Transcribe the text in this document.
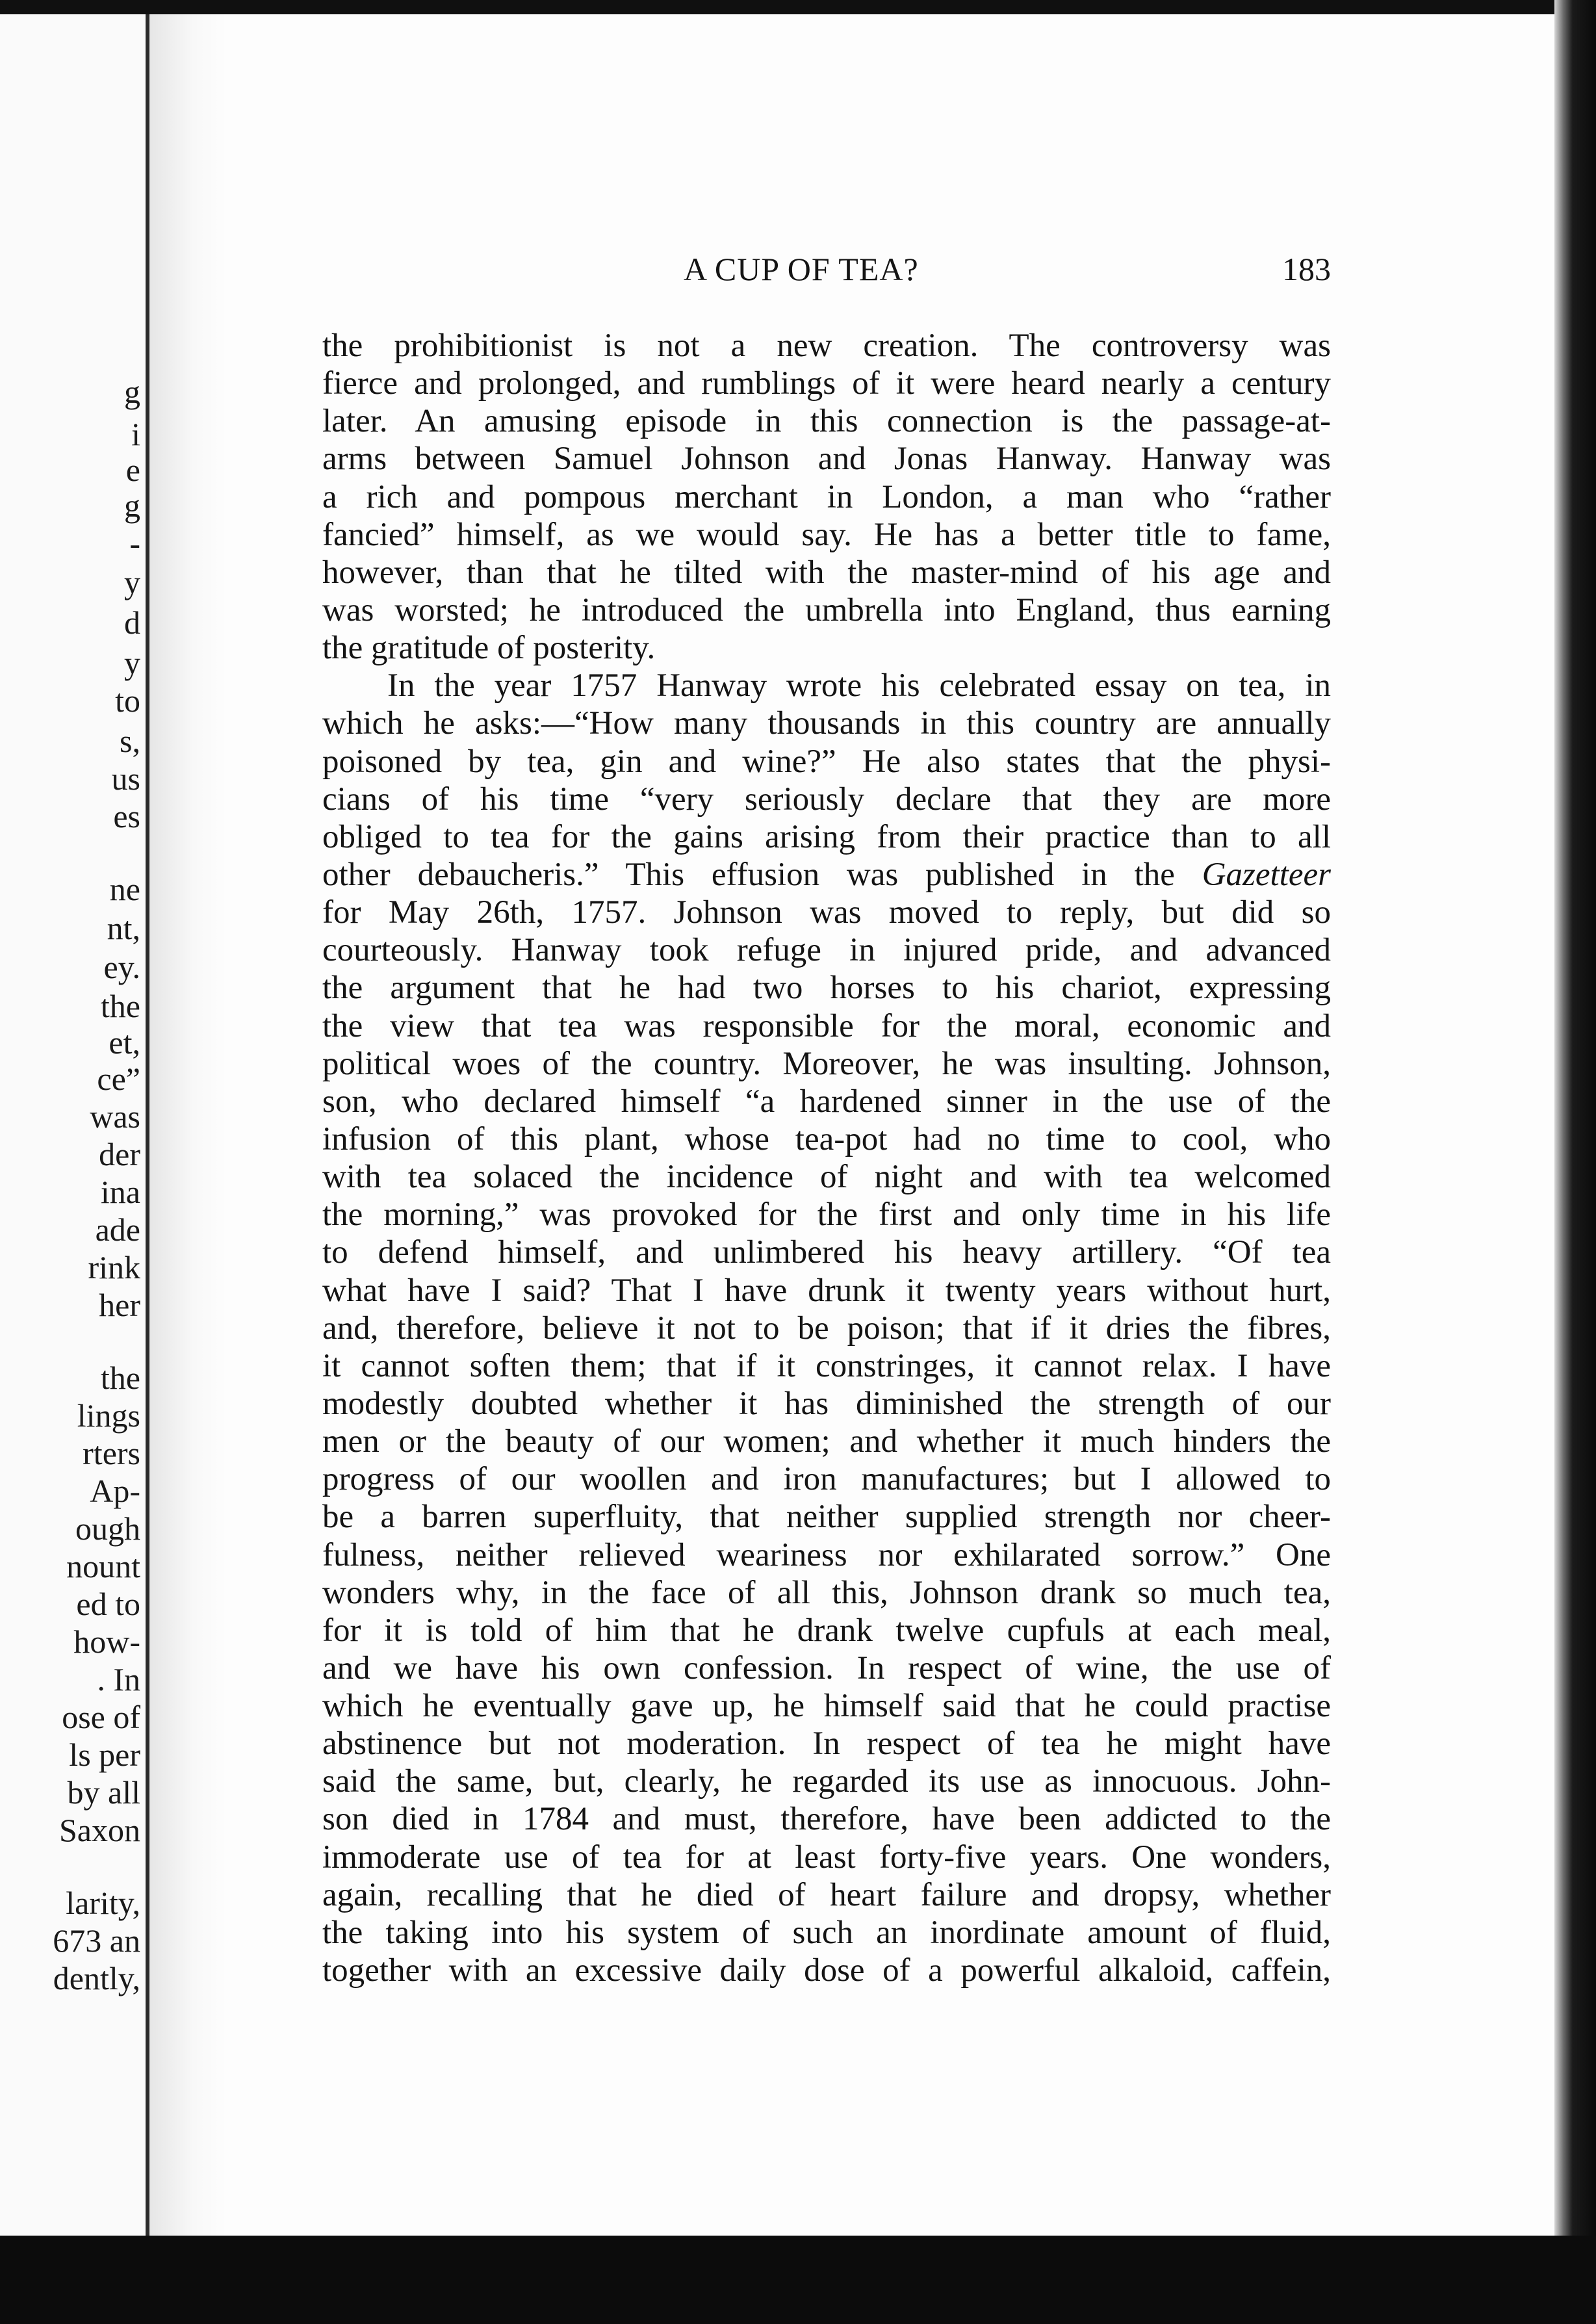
g
i
e
g
-
y
d
y
to
s,
us
es
ne
nt,
ey.
the
et,
ce”
was
der
ina
ade
rink
her
the
lings
rters
Ap-
ough
nount
ed to
how-
. In
ose of
ls per
by all
Saxon
larity,
673 an
dently,
A CUP OF TEA?	183
the prohibitionist is not a new creation. The controversy was
fierce and prolonged, and rumblings of it were heard nearly a century
later. An amusing episode in this connection is the passage-at-
arms between Samuel Johnson and Jonas Hanway. Hanway was
a rich and pompous merchant in London, a man who “rather
fancied” himself, as we would say. He has a better title to fame,
however, than that he tilted with the master-mind of his age and
was worsted; he introduced the umbrella into England, thus earning
the gratitude of posterity.
In the year 1757 Hanway wrote his celebrated essay on tea, in
which he asks:—“How many thousands in this country are annually
poisoned by tea, gin and wine?” He also states that the physi-
cians of his time “very seriously declare that they are more
obliged to tea for the gains arising from their practice than to all
other debaucheris.” This effusion was published in the Gazetteer
for May 26th, 1757. Johnson was moved to reply, but did so
courteously. Hanway took refuge in injured pride, and advanced
the argument that he had two horses to his chariot, expressing
the view that tea was responsible for the moral, economic and
political woes of the country. Moreover, he was insulting. Johnson,
son, who declared himself “a hardened sinner in the use of the
infusion of this plant, whose tea-pot had no time to cool, who
with tea solaced the incidence of night and with tea welcomed
the morning,” was provoked for the first and only time in his life
to defend himself, and unlimbered his heavy artillery. “Of tea
what have I said? That I have drunk it twenty years without hurt,
and, therefore, believe it not to be poison; that if it dries the fibres,
it cannot soften them; that if it constringes, it cannot relax. I have
modestly doubted whether it has diminished the strength of our
men or the beauty of our women; and whether it much hinders the
progress of our woollen and iron manufactures; but I allowed to
be a barren superfluity, that neither supplied strength nor cheer-
fulness, neither relieved weariness nor exhilarated sorrow.” One
wonders why, in the face of all this, Johnson drank so much tea,
for it is told of him that he drank twelve cupfuls at each meal,
and we have his own confession. In respect of wine, the use of
which he eventually gave up, he himself said that he could practise
abstinence but not moderation. In respect of tea he might have
said the same, but, clearly, he regarded its use as innocuous. John-
son died in 1784 and must, therefore, have been addicted to the
immoderate use of tea for at least forty-five years. One wonders,
again, recalling that he died of heart failure and dropsy, whether
the taking into his system of such an inordinate amount of fluid,
together with an excessive daily dose of a powerful alkaloid, caffein,
